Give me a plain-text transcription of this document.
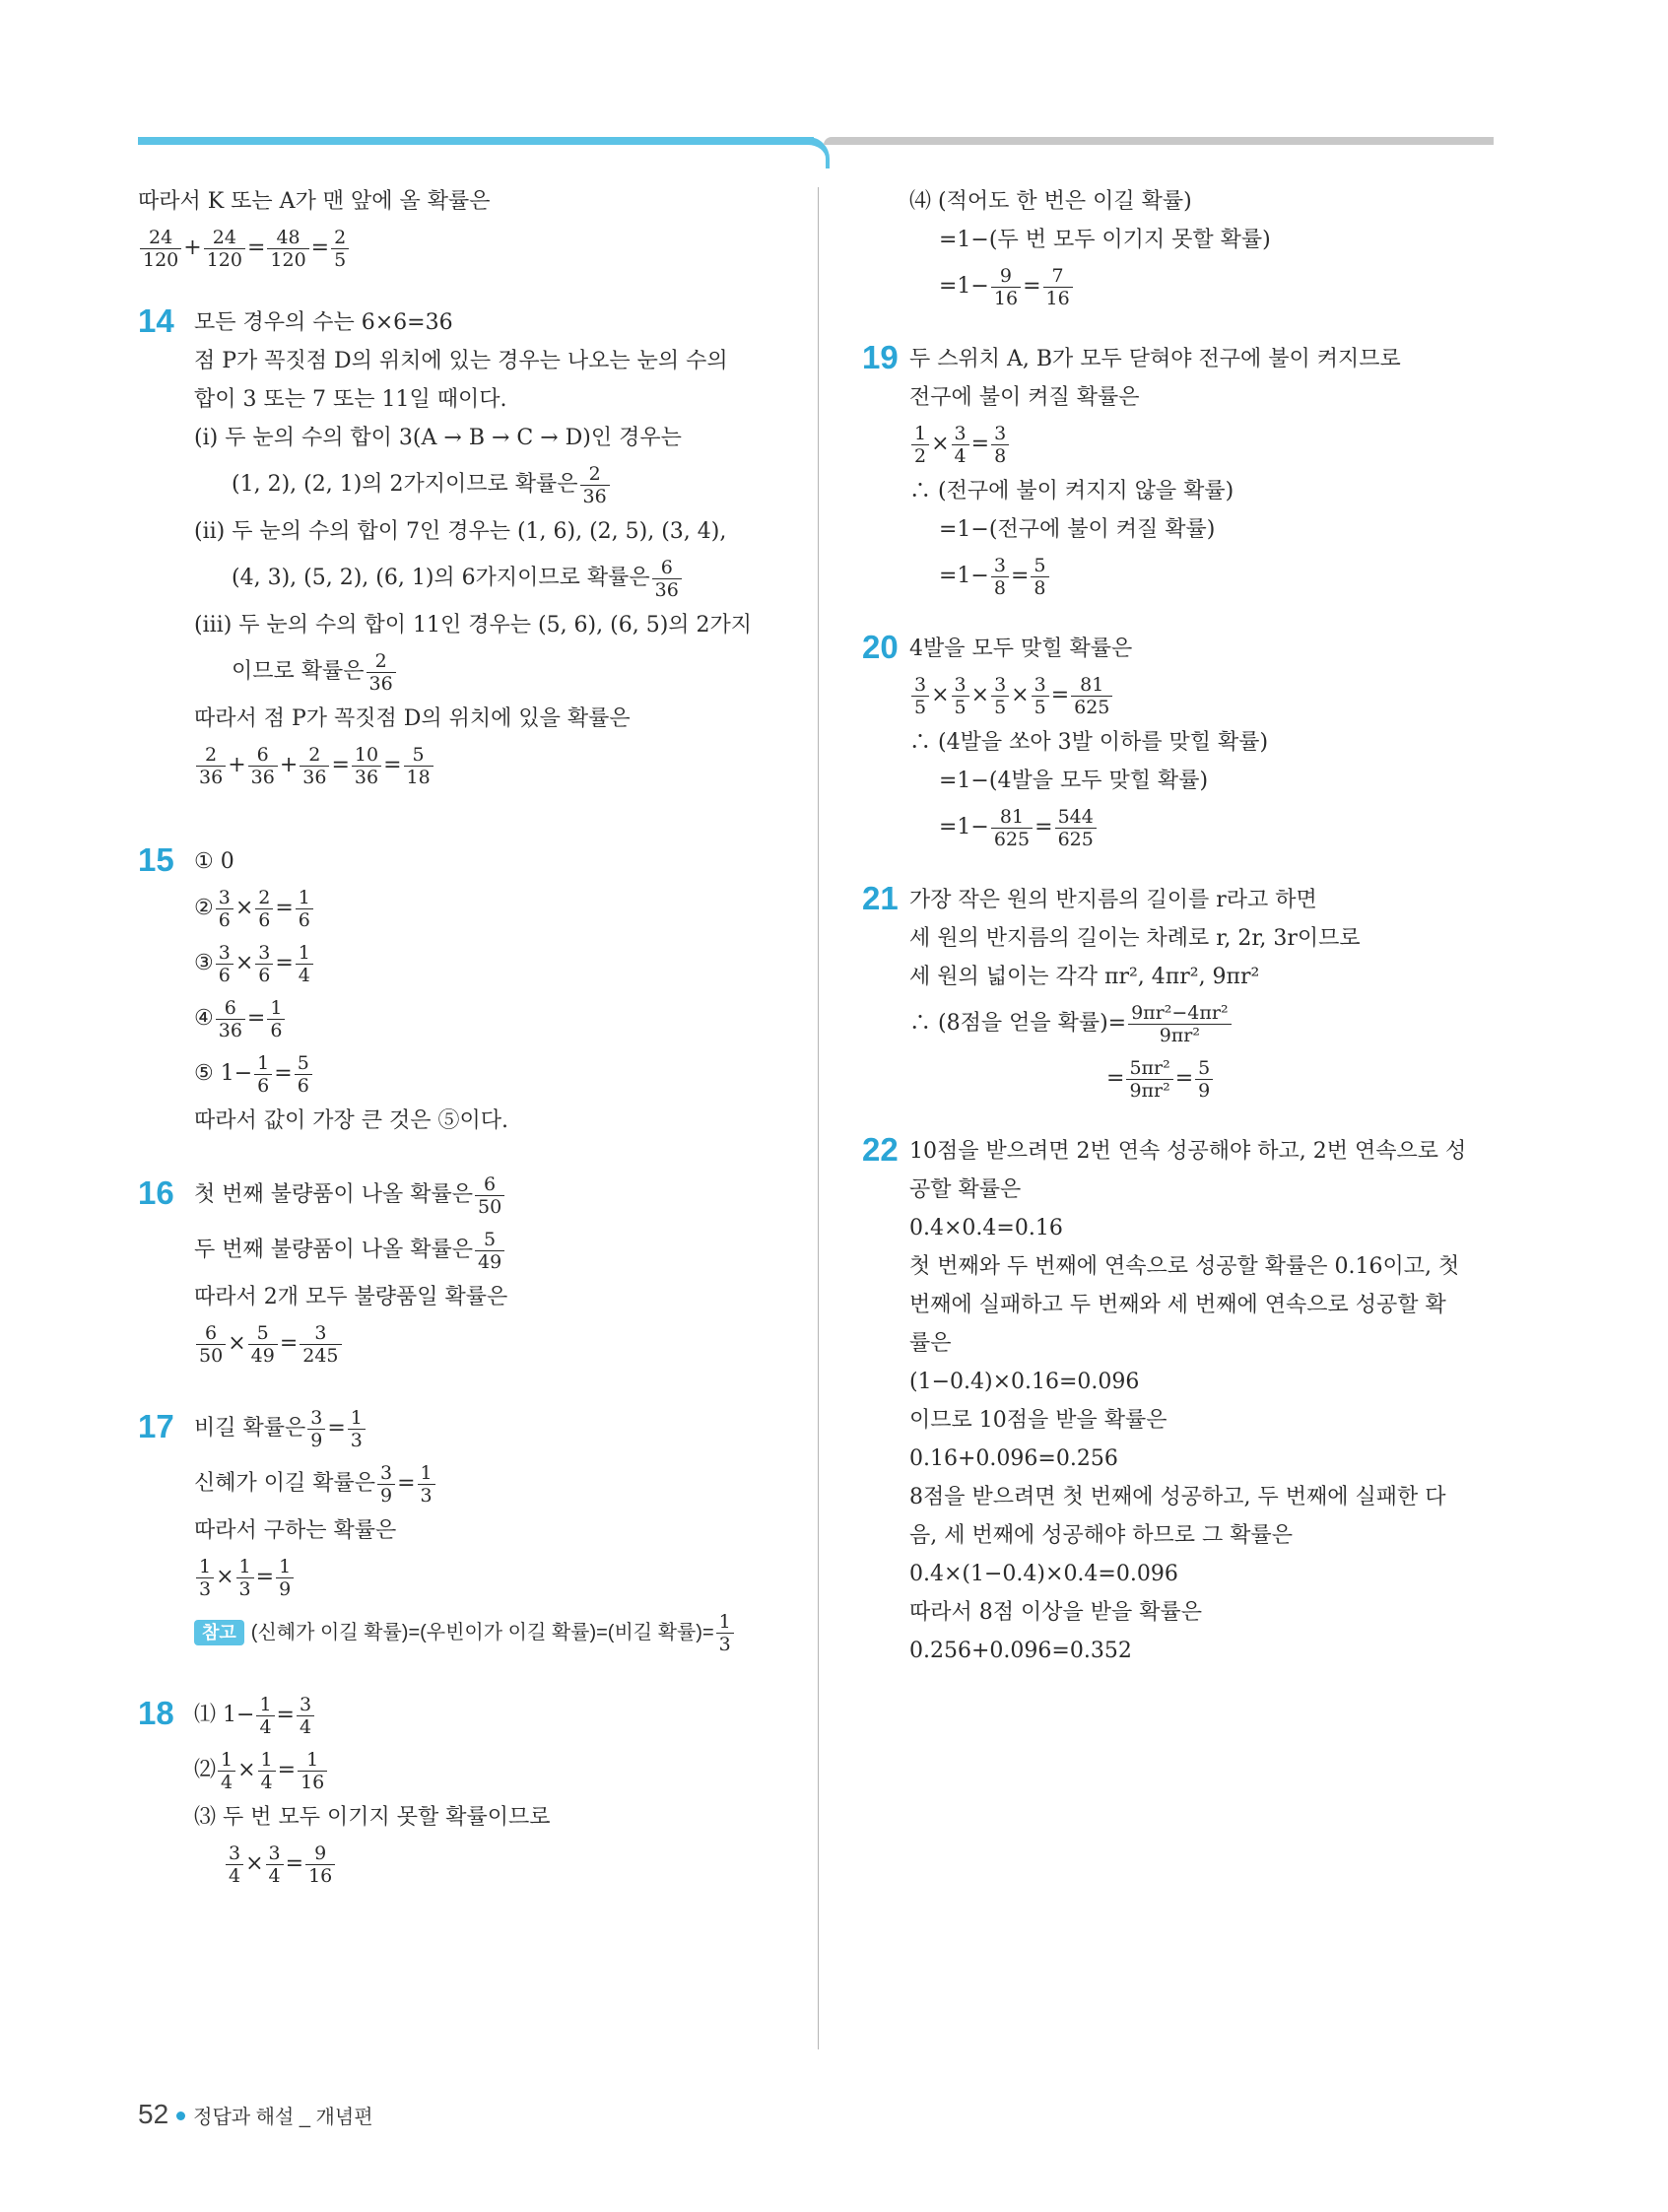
따라서 K 또는 A가 맨 앞에 올 확률은
$\frac{24}{120} + \frac{24}{120} = \frac{48}{120} = \frac{2}{5}$
14 모든 경우의 수는 6×6=36
점 P가 꼭짓점 D의 위치에 있는 경우는 나오는 눈의 수의
합이 3 또는 7 또는 11일 때이다.
(ⅰ) 두 눈의 수의 합이 3(A → B → C → D)인 경우는
(1, 2), (2, 1)의 2가지이므로 확률은 $\frac{2}{36}$
(ⅱ) 두 눈의 수의 합이 7인 경우는 (1, 6), (2, 5), (3, 4),
(4, 3), (5, 2), (6, 1)의 6가지이므로 확률은 $\frac{6}{36}$
(ⅲ) 두 눈의 수의 합이 11인 경우는 (5, 6), (6, 5)의 2가지
이므로 확률은 $\frac{2}{36}$
따라서 점 P가 꼭짓점 D의 위치에 있을 확률은
$\frac{2}{36} + \frac{6}{36} + \frac{2}{36} = \frac{10}{36} = \frac{5}{18}$
15 ① 0
② $\frac{3}{6} \times \frac{2}{6} = \frac{1}{6}$
③ $\frac{3}{6} \times \frac{3}{6} = \frac{1}{4}$
④ $\frac{6}{36} = \frac{1}{6}$
⑤ $1- \frac{1}{6} = \frac{5}{6}$
따라서 값이 가장 큰 것은 ⑤이다.
16 첫 번째 불량품이 나올 확률은 $\frac{6}{50}$
두 번째 불량품이 나올 확률은 $\frac{5}{49}$
따라서 2개 모두 불량품일 확률은
$\frac{6}{50} \times \frac{5}{49} = \frac{3}{245}$
17 비길 확률은 $\frac{3}{9} = \frac{1}{3}$
신혜가 이길 확률은 $\frac{3}{9} = \frac{1}{3}$
따라서 구하는 확률은
$\frac{1}{3} \times \frac{1}{3} = \frac{1}{9}$
참고 (신혜가 이길 확률)=(우빈이가 이길 확률)=(비길 확률)= $\frac{1}{3}$
18 ⑴ $1- \frac{1}{4} = \frac{3}{4}$
⑵ $\frac{1}{4} \times \frac{1}{4} = \frac{1}{16}$
⑶ 두 번 모두 이기지 못할 확률이므로
$\frac{3}{4} \times \frac{3}{4} = \frac{9}{16}$
⑷ (적어도 한 번은 이길 확률)
=1−(두 번 모두 이기지 못할 확률)
$=1- \frac{9}{16} = \frac{7}{16}$
19 두 스위치 A, B가 모두 닫혀야 전구에 불이 켜지므로
전구에 불이 켜질 확률은
$\frac{1}{2} \times \frac{3}{4} = \frac{3}{8}$
∴ (전구에 불이 켜지지 않을 확률)
=1−(전구에 불이 켜질 확률)
$=1- \frac{3}{8} = \frac{5}{8}$
20 4발을 모두 맞힐 확률은
$\frac{3}{5} \times \frac{3}{5} \times \frac{3}{5} \times \frac{3}{5} = \frac{81}{625}$
∴ (4발을 쏘아 3발 이하를 맞힐 확률)
=1−(4발을 모두 맞힐 확률)
$=1- \frac{81}{625} = \frac{544}{625}$
21 가장 작은 원의 반지름의 길이를 r라고 하면
세 원의 반지름의 길이는 차례로 r, 2r, 3r이므로
세 원의 넓이는 각각 πr², 4πr², 9πr²
∴ (8점을 얻을 확률)= $\frac{\text{9πr²−4πr²}}{\text{9πr²}}$
= $\frac{\text{5πr²}}{\text{9πr²}} = \frac{5}{9}$
22 10점을 받으려면 2번 연속 성공해야 하고, 2번 연속으로 성
공할 확률은
0.4×0.4=0.16
첫 번째와 두 번째에 연속으로 성공할 확률은 0.16이고, 첫
번째에 실패하고 두 번째와 세 번째에 연속으로 성공할 확
률은
(1−0.4)×0.16=0.096
이므로 10점을 받을 확률은
0.16+0.096=0.256
8점을 받으려면 첫 번째에 성공하고, 두 번째에 실패한 다
음, 세 번째에 성공해야 하므로 그 확률은
0.4×(1−0.4)×0.4=0.096
따라서 8점 이상을 받을 확률은
0.256+0.096=0.352
52 정답과 해설 _ 개념편
